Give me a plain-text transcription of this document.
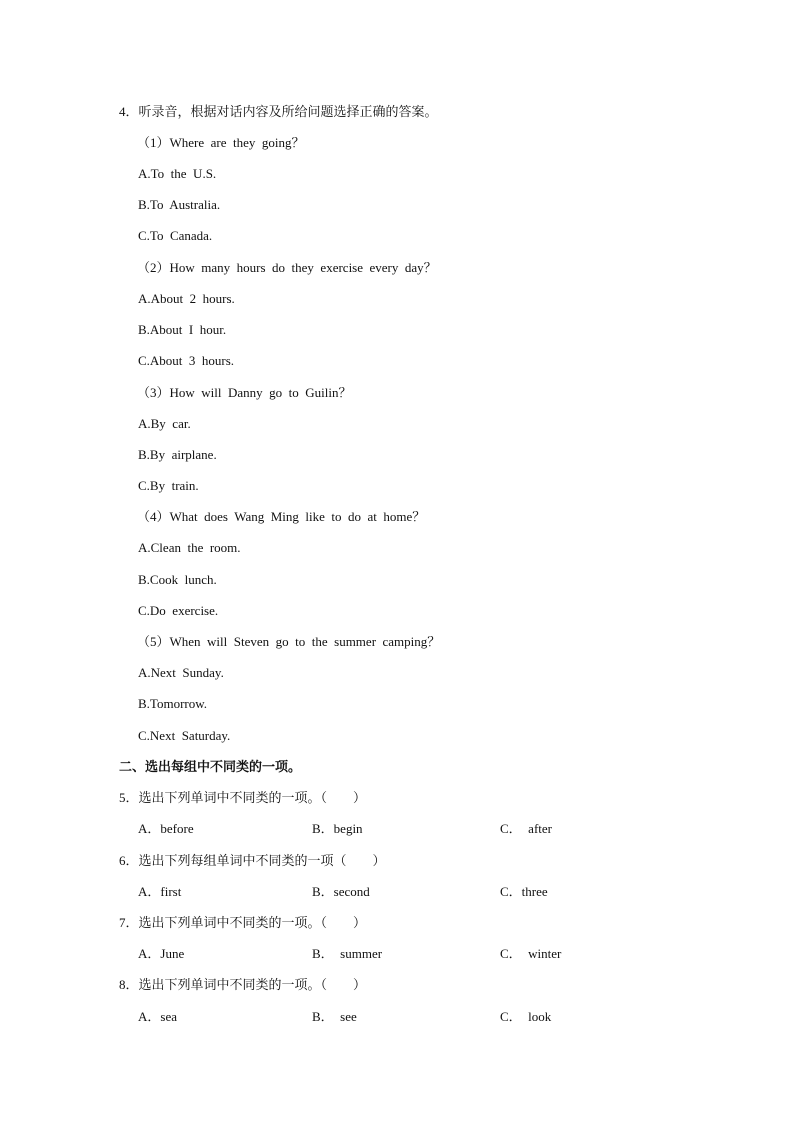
4．听录音，根据对话内容及所给问题选择正确的答案。
（1）Where  are  they  going？
A.To  the  U.S.
B.To  Australia.
C.To  Canada.
（2）How  many  hours  do  they  exercise  every  day？
A.About  2  hours.
B.About  I  hour.
C.About  3  hours.
（3）How  will  Danny  go  to  Guilin？
A.By  car.
B.By  airplane.
C.By  train.
（4）What  does  Wang  Ming  like  to  do  at  home？
A.Clean  the  room.
B.Cook  lunch.
C.Do  exercise.
（5）When  will  Steven  go  to  the  summer  camping？
A.Next  Sunday.
B.Tomorrow.
C.Next  Saturday.
二、选出每组中不同类的一项。
5．选出下列单词中不同类的一项。（　　）
A．before	B．begin	C．  after
6．选出下列每组单词中不同类的一项（　　）
A．first	B．second	C．three
7．选出下列单词中不同类的一项。（　　）
A．June	B．  summer	C．  winter
8．选出下列单词中不同类的一项。（　　）
A．sea	B．  see	C．  look
